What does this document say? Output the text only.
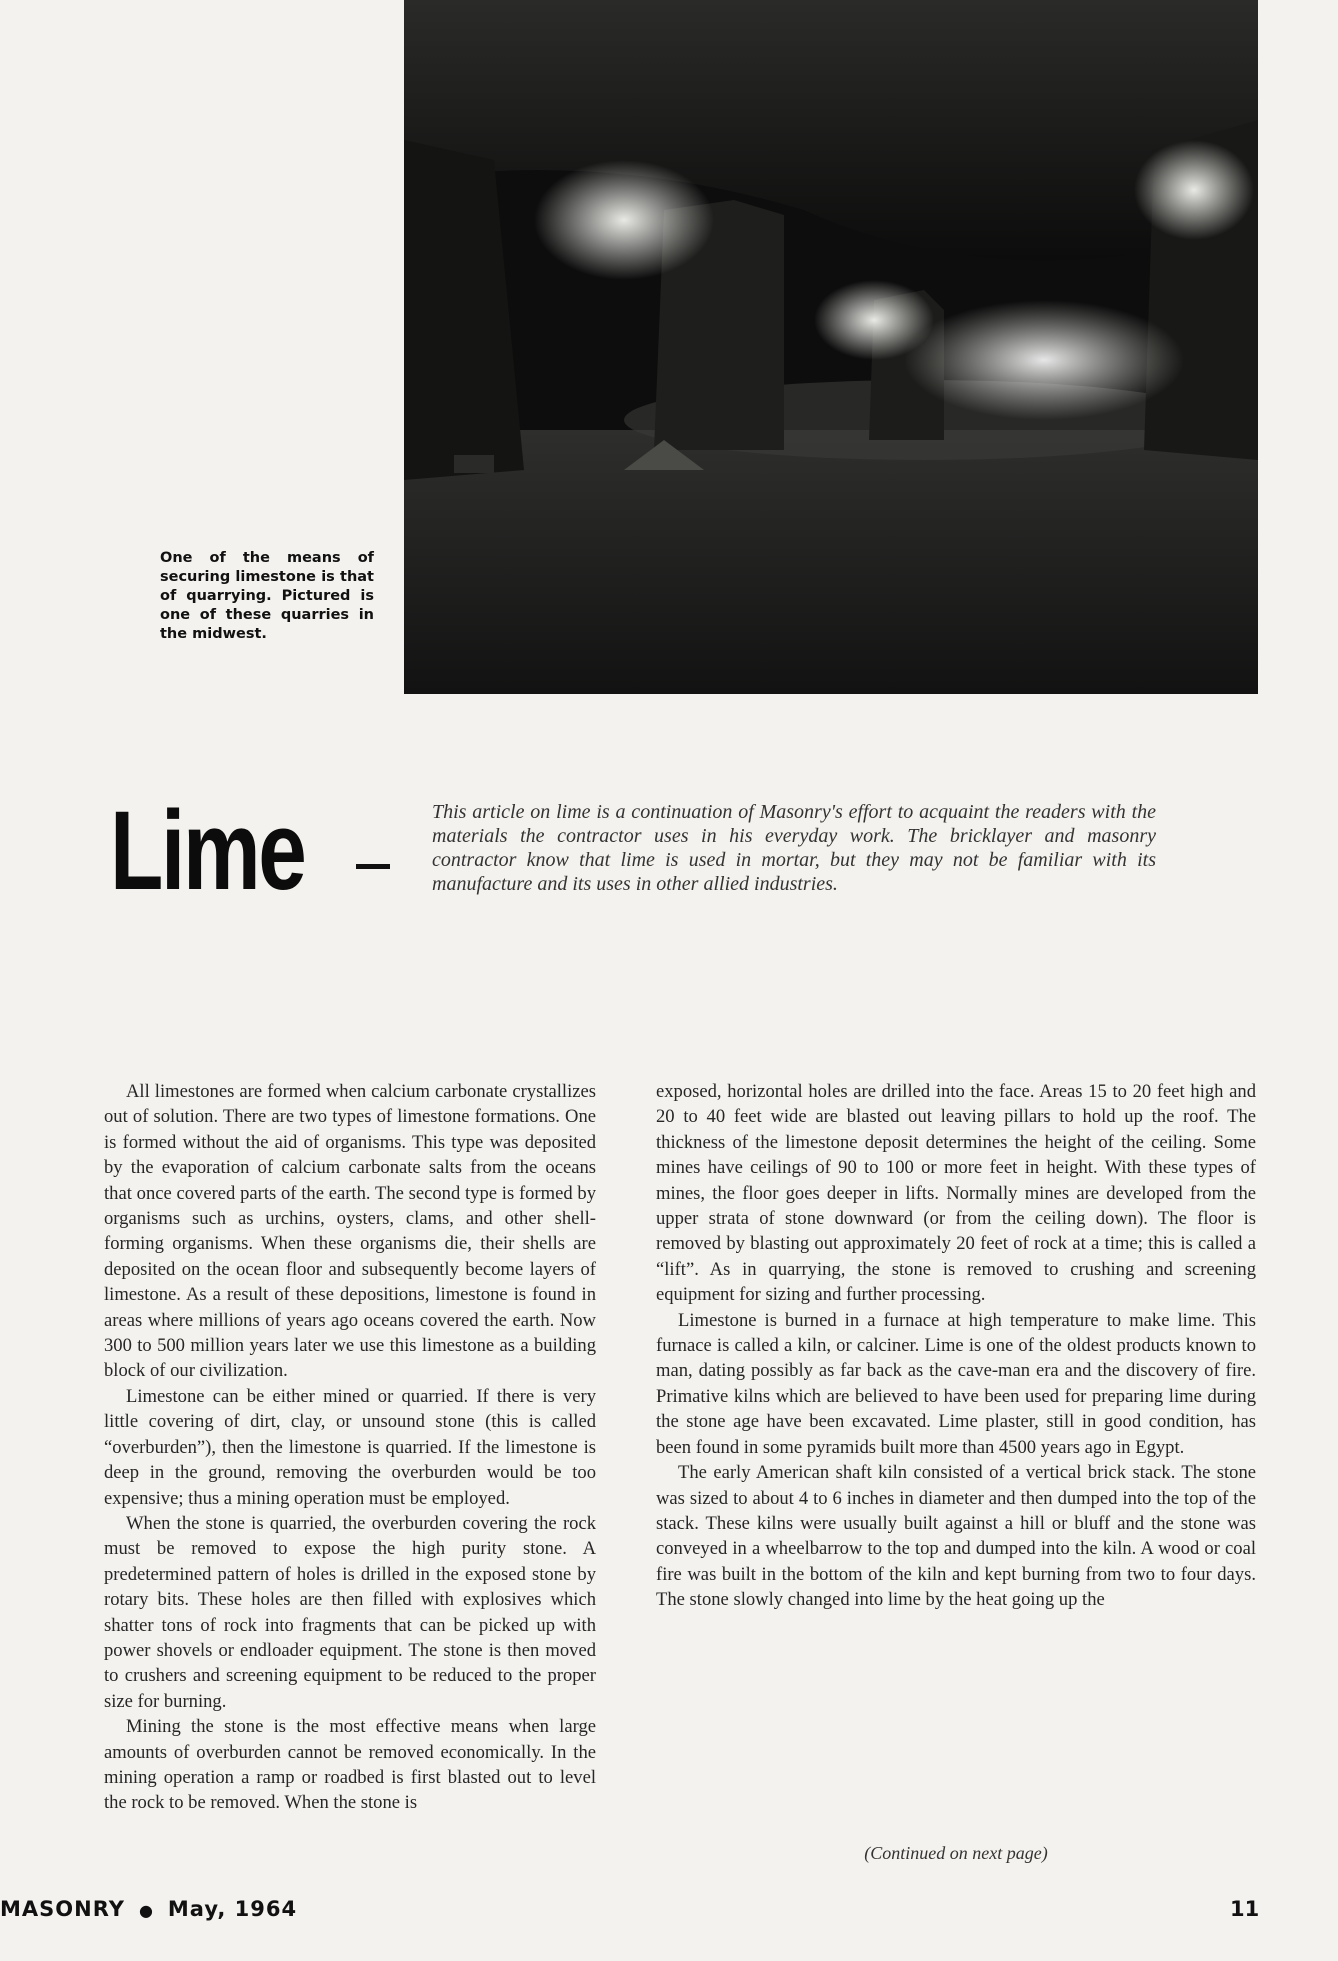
One of the means of securing limestone is that of quarrying. Pictured is one of these quarries in the midwest.
Lime	This article on lime is a continuation of Masonry's effort to acquaint the readers with the materials the contractor uses in his everyday work. The bricklayer and masonry contractor know that lime is used in mortar, but they may not be familiar with its manufacture and its uses in other allied industries.

All limestones are formed when calcium carbonate crystallizes out of solution. There are two types of limestone formations. One is formed without the aid of organisms. This type was deposited by the evaporation of calcium carbonate salts from the oceans that once covered parts of the earth. The second type is formed by organisms such as urchins, oysters, clams, and other shell-forming organisms. When these organisms die, their shells are deposited on the ocean floor and subsequently become layers of limestone. As a result of these depositions, limestone is found in areas where millions of years ago oceans covered the earth. Now 300 to 500 million years later we use this limestone as a building block of our civilization.

Limestone can be either mined or quarried. If there is very little covering of dirt, clay, or unsound stone (this is called “overburden”), then the limestone is quarried. If the limestone is deep in the ground, removing the overburden would be too expensive; thus a mining operation must be employed.

When the stone is quarried, the overburden covering the rock must be removed to expose the high purity stone. A predetermined pattern of holes is drilled in the exposed stone by rotary bits. These holes are then filled with explosives which shatter tons of rock into fragments that can be picked up with power shovels or endloader equipment. The stone is then moved to crushers and screening equipment to be reduced to the proper size for burning.

Mining the stone is the most effective means when large amounts of overburden cannot be removed economically. In the mining operation a ramp or roadbed is first blasted out to level the rock to be removed. When the stone is

exposed, horizontal holes are drilled into the face. Areas 15 to 20 feet high and 20 to 40 feet wide are blasted out leaving pillars to hold up the roof. The thickness of the limestone deposit determines the height of the ceiling. Some mines have ceilings of 90 to 100 or more feet in height. With these types of mines, the floor goes deeper in lifts. Normally mines are developed from the upper strata of stone downward (or from the ceiling down). The floor is removed by blasting out approximately 20 feet of rock at a time; this is called a “lift”. As in quarrying, the stone is removed to crushing and screening equipment for sizing and further processing.

Limestone is burned in a furnace at high temperature to make lime. This furnace is called a kiln, or calciner. Lime is one of the oldest products known to man, dating possibly as far back as the cave-man era and the discovery of fire. Primative kilns which are believed to have been used for preparing lime during the stone age have been excavated. Lime plaster, still in good condition, has been found in some pyramids built more than 4500 years ago in Egypt.

The early American shaft kiln consisted of a vertical brick stack. The stone was sized to about 4 to 6 inches in diameter and then dumped into the top of the stack. These kilns were usually built against a hill or bluff and the stone was conveyed in a wheelbarrow to the top and dumped into the kiln. A wood or coal fire was built in the bottom of the kiln and kept burning from two to four days. The stone slowly changed into lime by the heat going up the

(Continued on next page)
MASONRY ● May, 1964	11
